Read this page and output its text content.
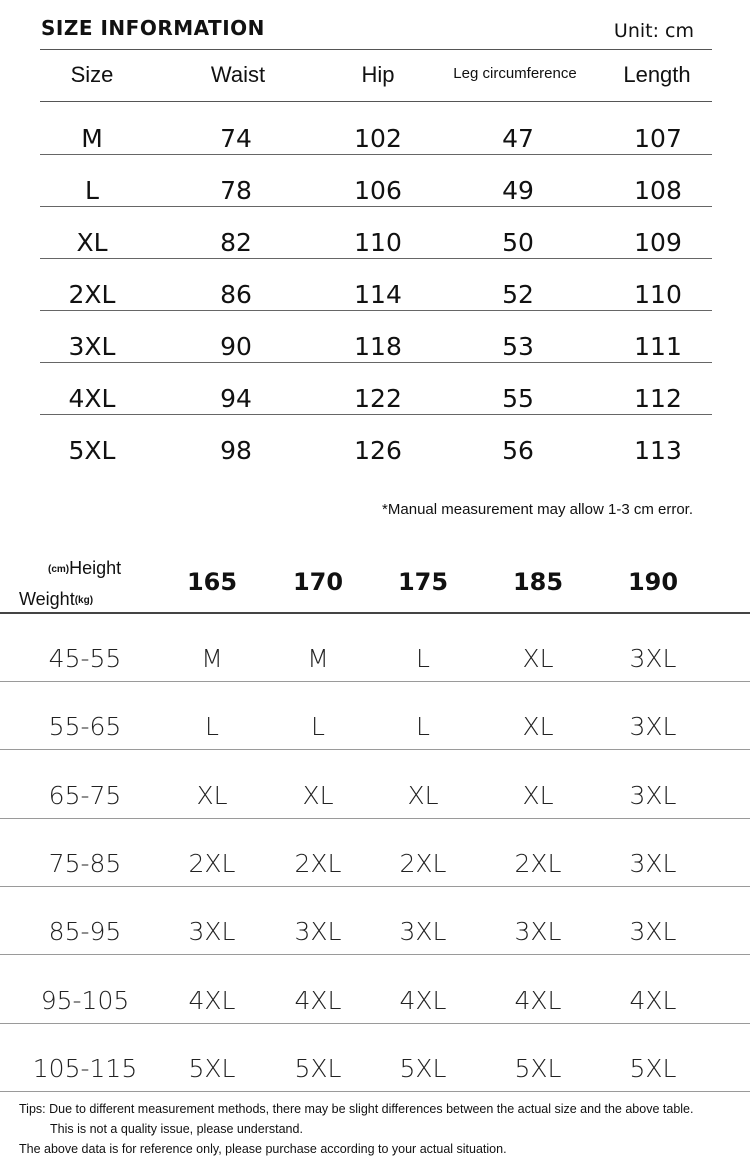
SIZE INFORMATION	Unit: cm
Size	Waist	Hip	Leg circumference Length
M	74	102	47	107
L	78	106	49	108
XL	82	110	50	109
2XL	86	114	52	110
3XL	90	118	53	111
4XL	94	122	55	112
5XL	98	126	56	113
*Manual measurement may allow 1-3 cm error.
(cm)Height
Weight(kg)
165 170 175	185	190
45-55	M	M	L	XL	3XL
55-65	L	L	L	XL	3XL
65-75	XL	XL	XL	XL	3XL
75-85	2XL 2XL 2XL	2XL	3XL
85-95	3XL 3XL 3XL	3XL	3XL
95-105 4XL 4XL 4XL	4XL	4XL
105-115 5XL 5XL 5XL	5XL	5XL
Tips: Due to different measurement methods, there may be slight differences between the actual size and the above table.
This is not a quality issue, please understand.
The above data is for reference only, please purchase according to your actual situation.
